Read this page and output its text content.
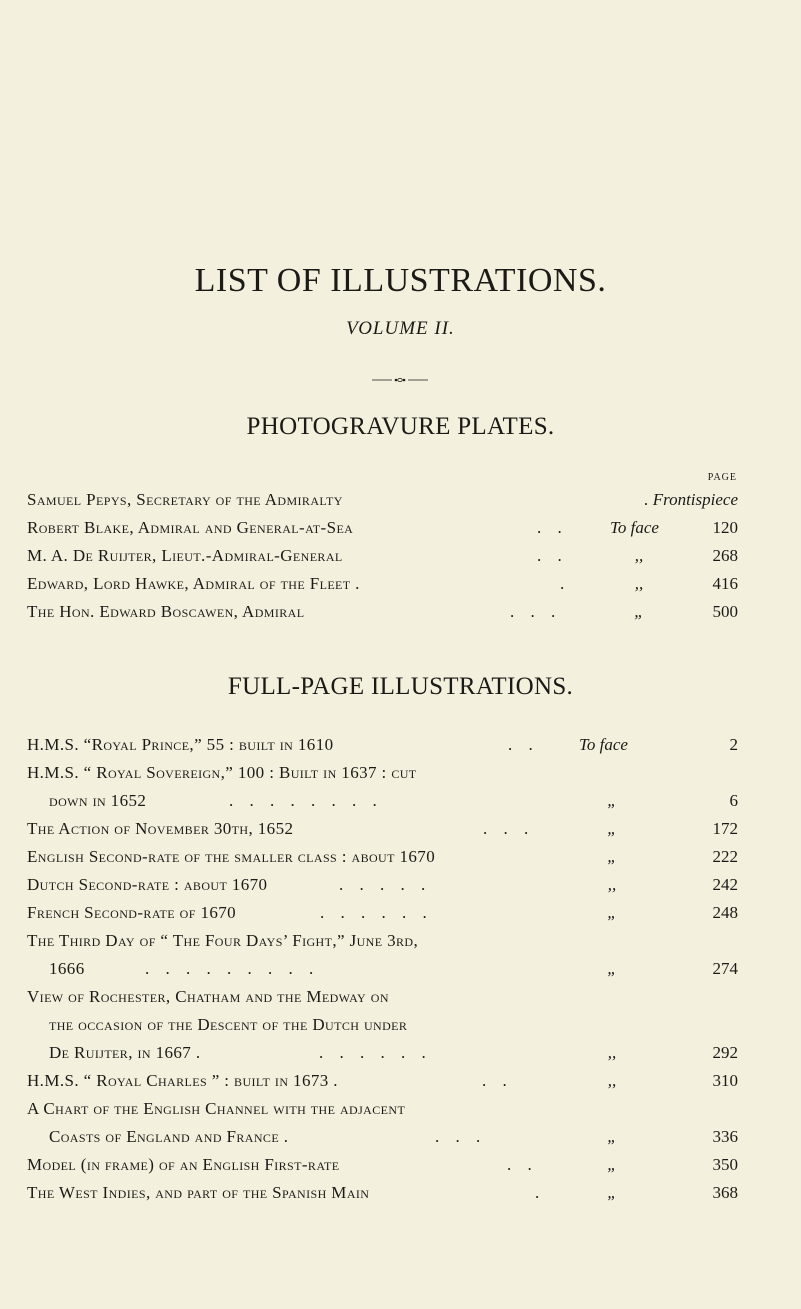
LIST OF ILLUSTRATIONS.
VOLUME II.
PHOTOGRAVURE PLATES.
PAGE
Samuel Pepys, Secretary of the Admiralty	. Frontispiece
Robert Blake, Admiral and General-at-Sea	. . To face	120
M. A. De Ruijter, Lieut.-Admiral-General	. .	,,	268
Edward, Lord Hawke, Admiral of the Fleet .	.	,,	416
The Hon. Edward Boscawen, Admiral	. . .	„	500
FULL-PAGE ILLUSTRATIONS.
H.M.S. “Royal Prince,” 55 : built in 1610	. . To face	2
H.M.S. “ Royal Sovereign,” 100 : Built in 1637 : cut
down in 1652	. . . . . . . .	„	6
The Action of November 30th, 1652	. . .	„	172
English Second-rate of the smaller class : about 1670	„	222
Dutch Second-rate : about 1670	. . . . .	,,	242
French Second-rate of 1670	. . . . . .	„	248
The Third Day of “ The Four Days’ Fight,” June 3rd,
1666	. . . . . . . . .	„	274
View of Rochester, Chatham and the Medway on
the occasion of the Descent of the Dutch under
De Ruijter, in 1667 .	. . . . . .	,,	292
H.M.S. “ Royal Charles ” : built in 1673 .	. .	,,	310
A Chart of the English Channel with the adjacent
Coasts of England and France .	. . .	„	336
Model (in frame) of an English First-rate	. .	„	350
The West Indies, and part of the Spanish Main	.	„	368
